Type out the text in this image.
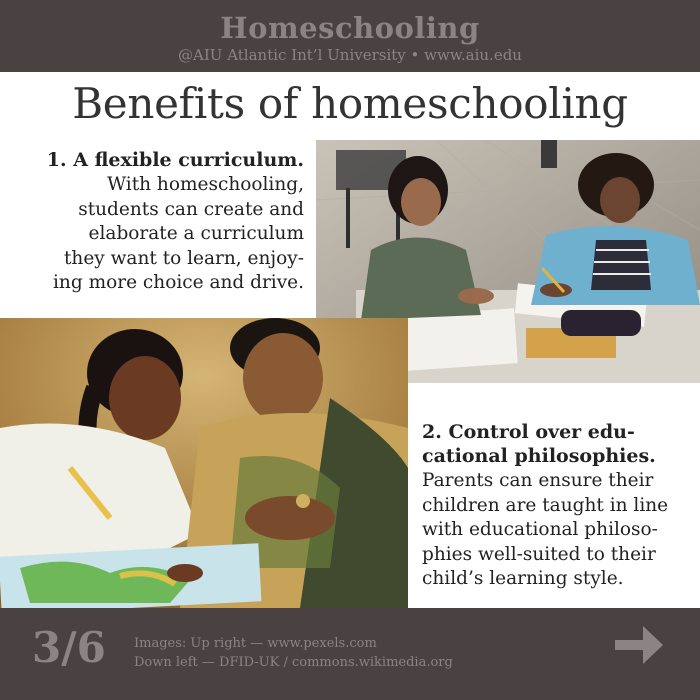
Homeschooling
@AIU Atlantic Int’l University • www.aiu.edu
Benefits of homeschooling
1. A flexible curriculum.
With homeschooling,
students can create and
elaborate a curriculum
they want to learn, enjoy-
ing more choice and drive.
2. Control over edu-
cational philosophies.
Parents can ensure their
children are taught in line
with educational philoso-
phies well-suited to their
child’s learning style.
3/6 Images: Up right — www.pexels.com
Down left — DFID-UK / commons.wikimedia.org
